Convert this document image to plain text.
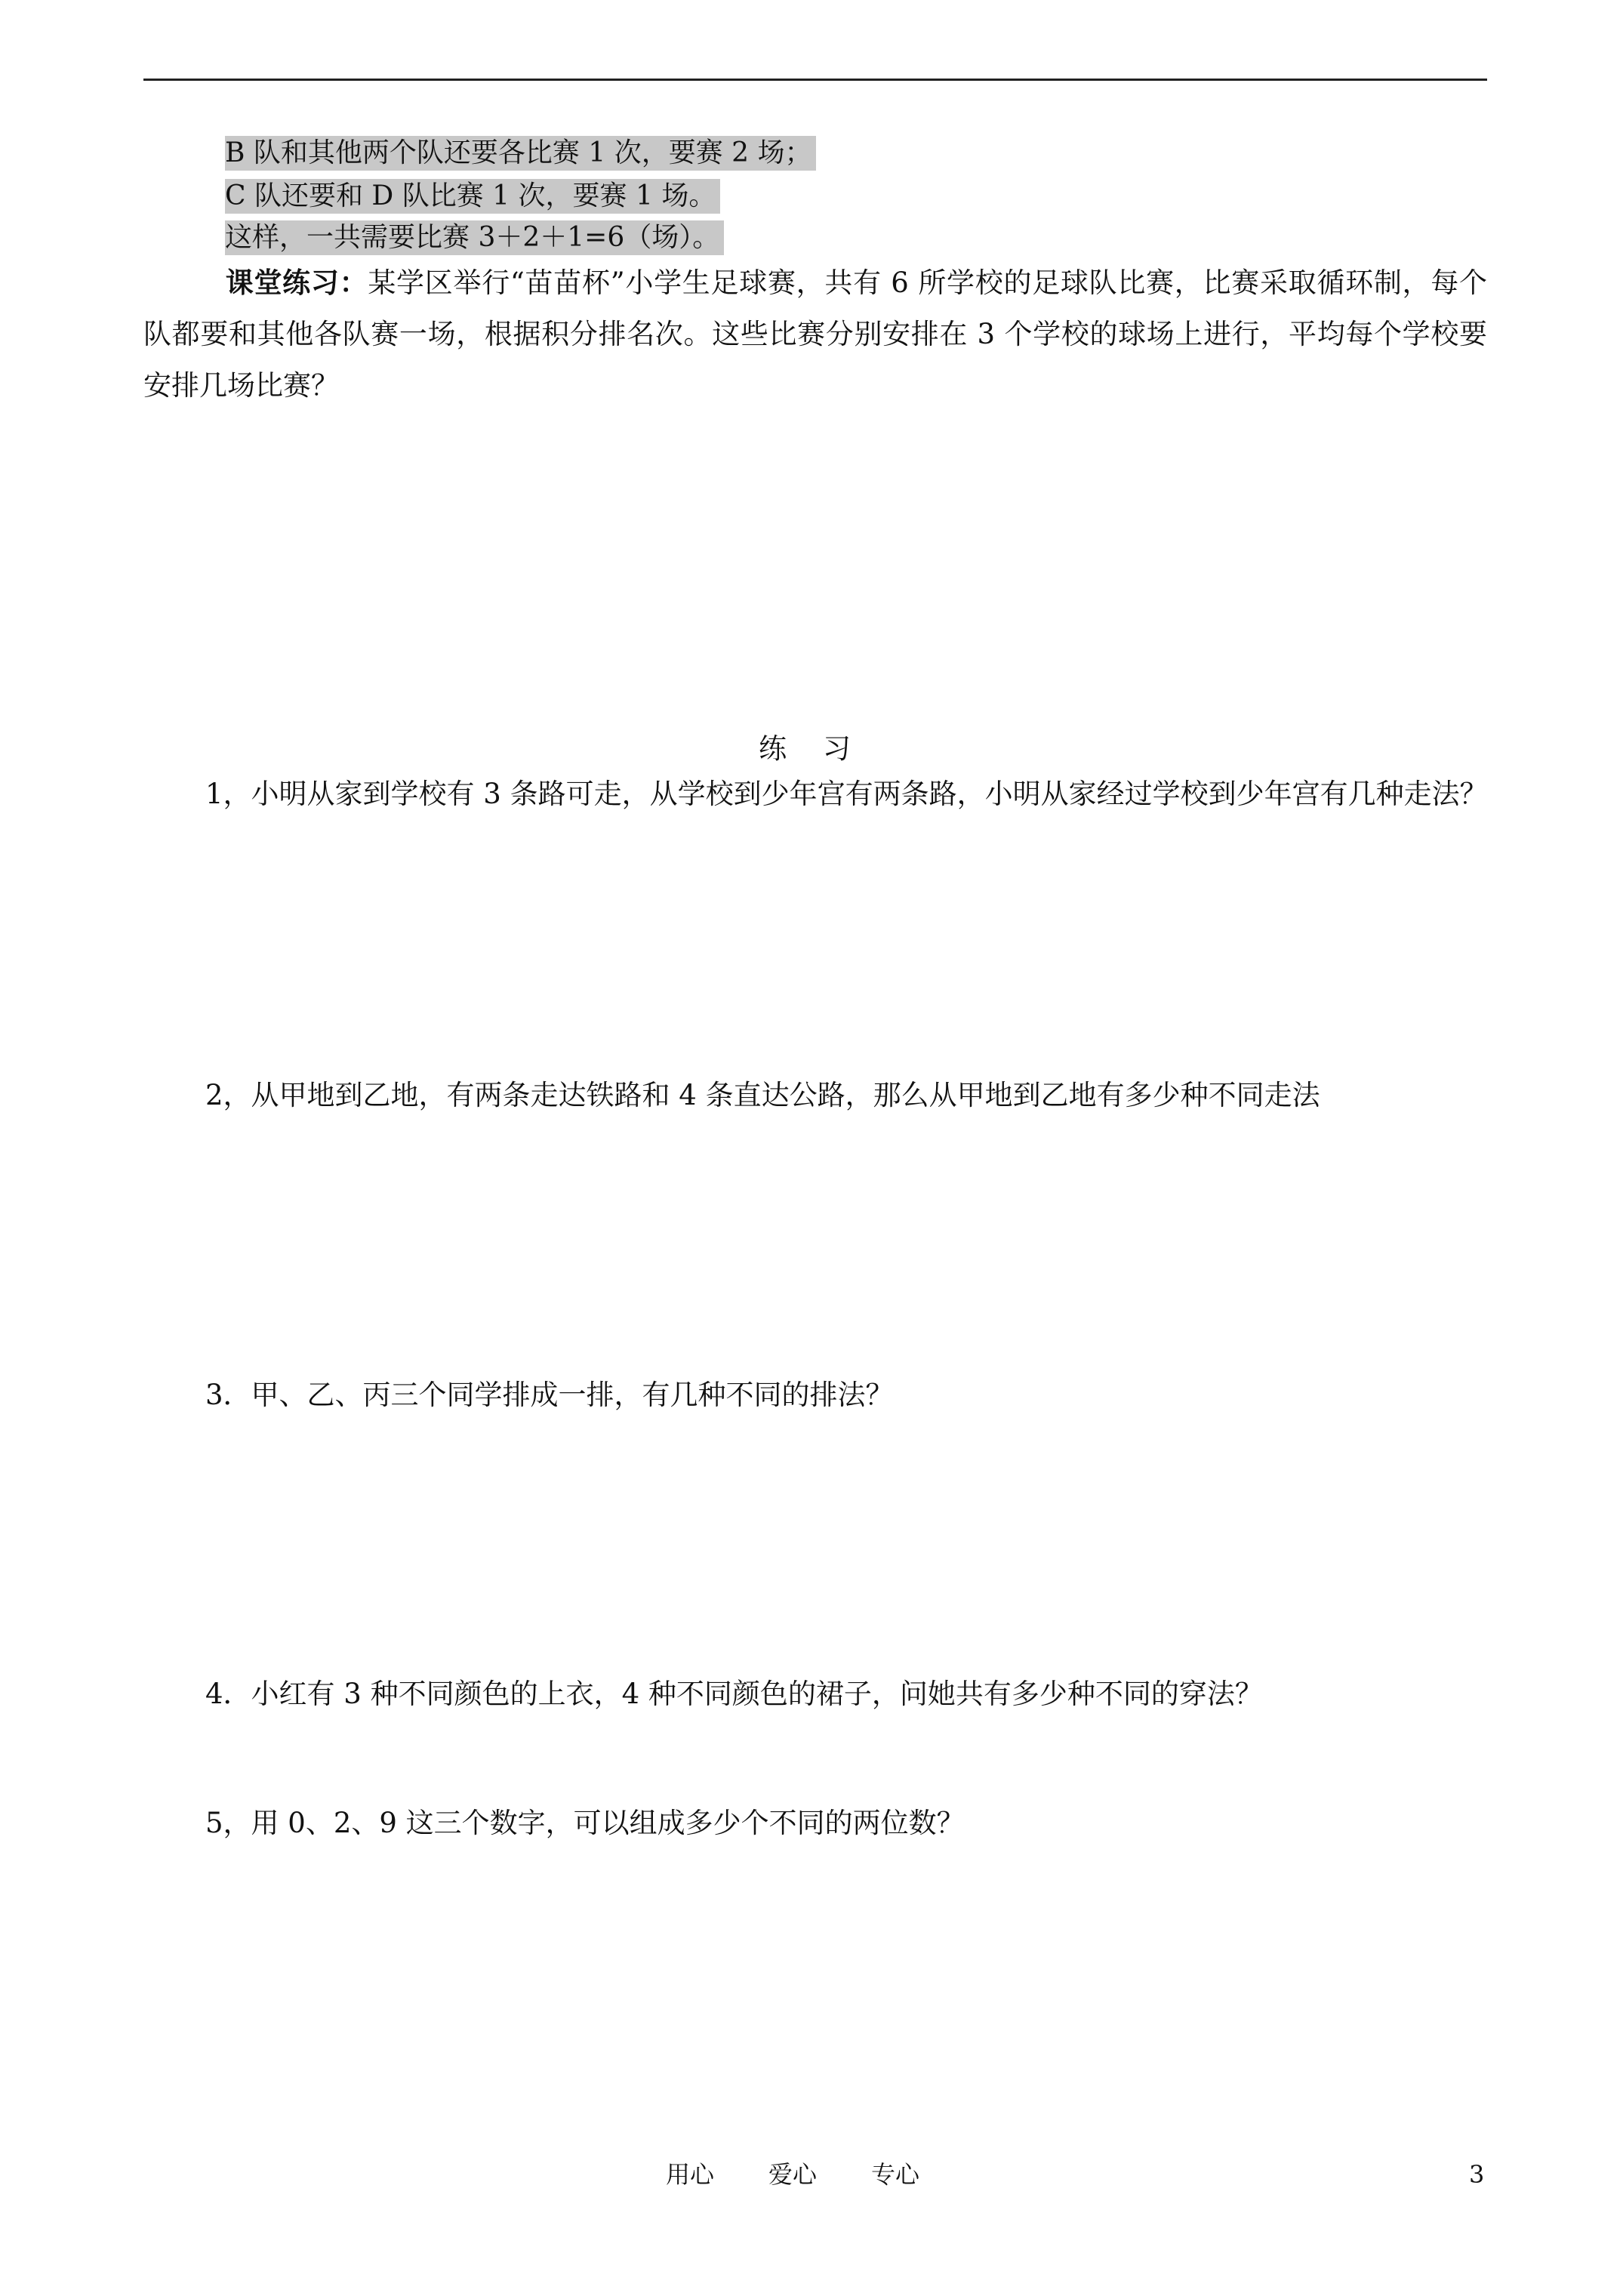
B 队和其他两个队还要各比赛 1 次，要赛 2 场；
C 队还要和 D 队比赛 1 次，要赛 1 场。
这样，一共需要比赛 3＋2＋1=6（场）。

课堂练习：某学区举行“苗苗杯”小学生足球赛，共有 6 所学校的足球队比赛，比赛采取循环制，每个队都要和其他各队赛一场，根据积分排名次。这些比赛分别安排在 3 个学校的球场上进行，平均每个学校要安排几场比赛？

练 习
1，小明从家到学校有 3 条路可走，从学校到少年宫有两条路，小明从家经过学校到少年宫有几种走法？
2，从甲地到乙地，有两条走达铁路和 4 条直达公路，那么从甲地到乙地有多少种不同走法
3．甲、乙、丙三个同学排成一排，有几种不同的排法？
4．小红有 3 种不同颜色的上衣，4 种不同颜色的裙子，问她共有多少种不同的穿法？
5，用 0、2、9 这三个数字，可以组成多少个不同的两位数？
用心 爱心 专心	3
